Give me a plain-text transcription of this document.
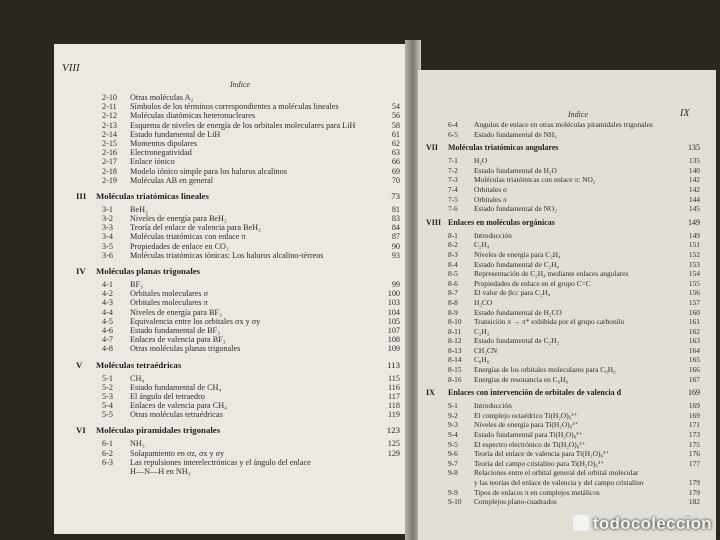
VIII
Indice
2-10 Otras moléculas A₂
2-11 Símbolos de los términos correspondientes a moléculas lineales	54
2-12 Moléculas diatómicas heteronucleares	56
2-13 Esquema de niveles de energía de los orbitales moleculares para LiH	58
2-14 Estado fundamental de LiH	61
2-15 Momentos dipolares	62
2-16 Electronegatividad	63
2-17 Enlace iónico	66
2-18 Modelo iónico simple para los haluros alcalinos	69
2-19 Moléculas AB en general	70
III Moléculas triatómicas lineales	73
3-1 BeH₂	81
3-2 Niveles de energía para BeH₂	83
3-3 Teoría del enlace de valencia para BeH₂	84
3-4 Moléculas triatómicas con enlace π	87
3-5 Propiedades de enlace en CO₂	90
3-6 Moléculas triatómicas iónicas: Los haluros alcalino-térreos	93
IV Moléculas planas trigonales
4-1 BF₃	99
4-2 Orbitales moleculares σ	100
4-3 Orbitales moleculares π	103
4-4 Niveles de energía para BF₃	104
4-5 Equivalencia entre los orbitales σx y σy	105
4-6 Estado fundamental de BF₃	107
4-7 Enlaces de valencia para BF₃	108
4-8 Otras moléculas planas trigonales	109
V Moléculas tetraédricas	113
5-1 CH₄	115
5-2 Estado fundamental de CH₄	116
5-3 El ángulo del tetraedro	117
5-4 Enlaces de valencia para CH₄	118
5-5 Otras moléculas tetraédricas	119
VI Moléculas piramidales trigonales	123
6-1 NH₃	125
6-2 Solapamiento en σz, σx y σy	129
6-3 Las repulsiones interelectrónicas y el ángulo del enlace
H—N—H en NH₃
Indice	IX
6-4 Angulos de enlace en otras moléculas piramidales trigonales
6-5 Estado fundamental de NH₃
VII Moléculas triatómicas angulares	135
7-1 H₂O	135
7-2 Estado fundamental de H₂O	140
7-3 Moléculas triatómicas con enlace π: NO₂	142
7-4 Orbitales σ	142
7-5 Orbitales π	144
7-6 Estado fundamental de NO₂	145
VIII Enlaces en moléculas orgánicas	149
8-1 Introducción	149
8-2 C₂H₄	151
8-3 Niveles de energía para C₂H₄	152
8-4 Estado fundamental de C₂H₄	153
8-5 Representación de C₂H₄ mediante enlaces angulares	154
8-6 Propiedades de enlace en el grupo C=C	155
8-7 El valor de βcc para C₂H₄	156
8-8 H₂CO	157
8-9 Estado fundamental de H₂CO	160
8-10 Transición π → π* exhibida por el grupo carbonilo	161
8-11 C₂H₂	162
8-12 Estado fundamental de C₂H₂	163
8-13 CH₃CN	164
8-14 C₆H₆	165
8-15 Energías de los orbitales moleculares para C₆H₆	166
8-16 Energías de resonancia en C₆H₆	167
IX Enlaces con intervención de orbitales de valencia d	169
9-1 Introducción	169
9-2 El complejo octaédrico Ti(H₂O)₆³⁺	169
9-3 Niveles de energía para Ti(H₂O)₆³⁺	171
9-4 Estado fundamental para Ti(H₂O)₆³⁺	173
9-5 El espectro electrónico de Ti(H₂O)₆³⁺	175
9-6 Teoría del enlace de valencia para Ti(H₂O)₆³⁺	176
9-7 Teoría del campo cristalino para Ti(H₂O)₆³⁺	177
9-8 Relaciones entre el orbital general del orbital molecular
y las teorías del enlace de valencia y del campo cristalino	179
9-9 Tipos de enlaces π en complejos metálicos	179
9-10 Complejos plano-cuadrados	182
todocoleccion
